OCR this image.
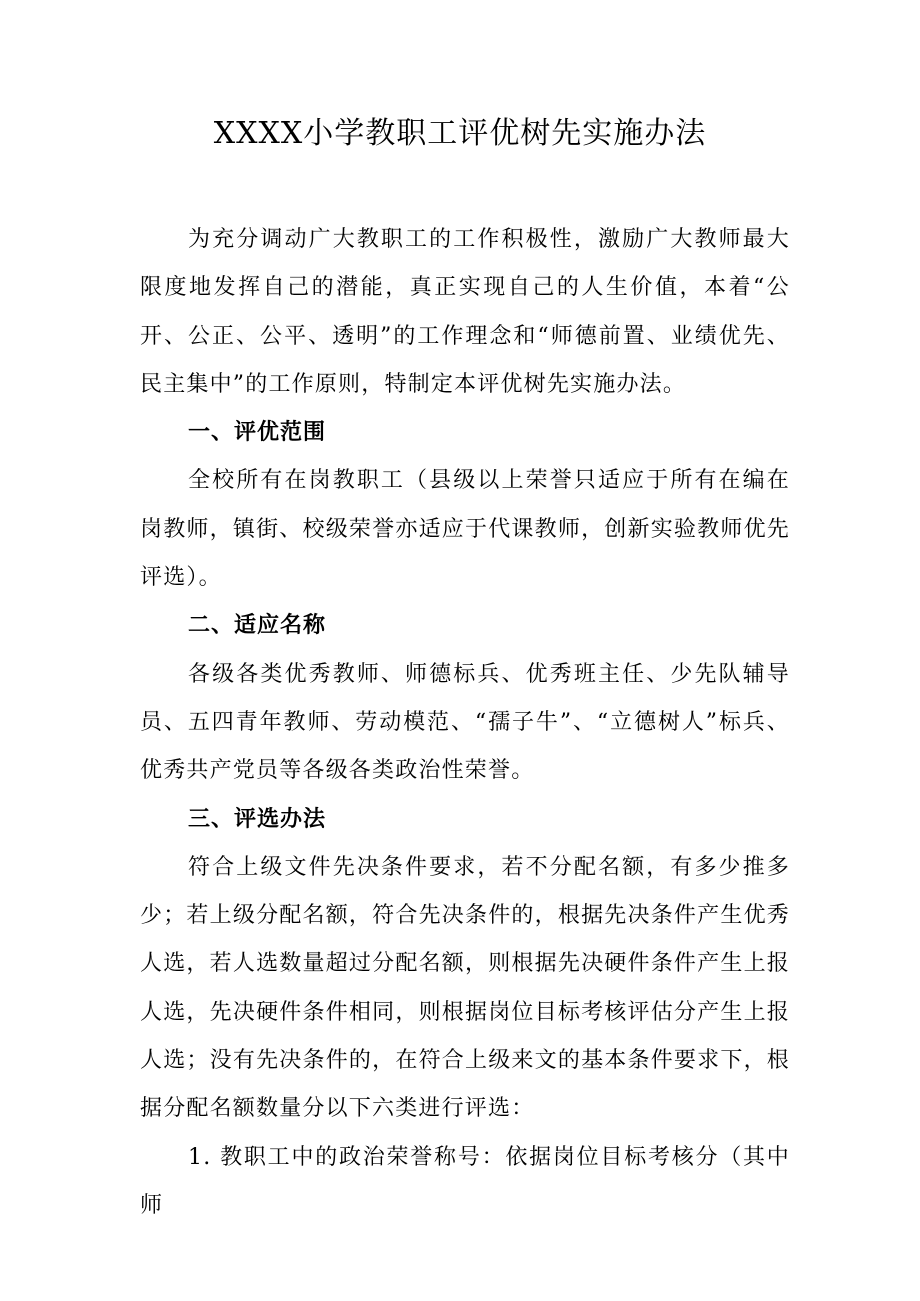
XXXX小学教职工评优树先实施办法

为充分调动广大教职工的工作积极性，激励广大教师最大限度地发挥自己的潜能，真正实现自己的人生价值，本着“公开、公正、公平、透明”的工作理念和“师德前置、业绩优先、民主集中”的工作原则，特制定本评优树先实施办法。

一、评优范围

全校所有在岗教职工（县级以上荣誉只适应于所有在编在岗教师，镇街、校级荣誉亦适应于代课教师，创新实验教师优先评选）。

二、适应名称

各级各类优秀教师、师德标兵、优秀班主任、少先队辅导员、五四青年教师、劳动模范、“孺子牛”、“立德树人”标兵、优秀共产党员等各级各类政治性荣誉。

三、评选办法

符合上级文件先决条件要求，若不分配名额，有多少推多少；若上级分配名额，符合先决条件的，根据先决条件产生优秀人选，若人选数量超过分配名额，则根据先决硬件条件产生上报人选，先决硬件条件相同，则根据岗位目标考核评估分产生上报人选；没有先决条件的，在符合上级来文的基本条件要求下，根据分配名额数量分以下六类进行评选：

1. 教职工中的政治荣誉称号：依据岗位目标考核分（其中师
